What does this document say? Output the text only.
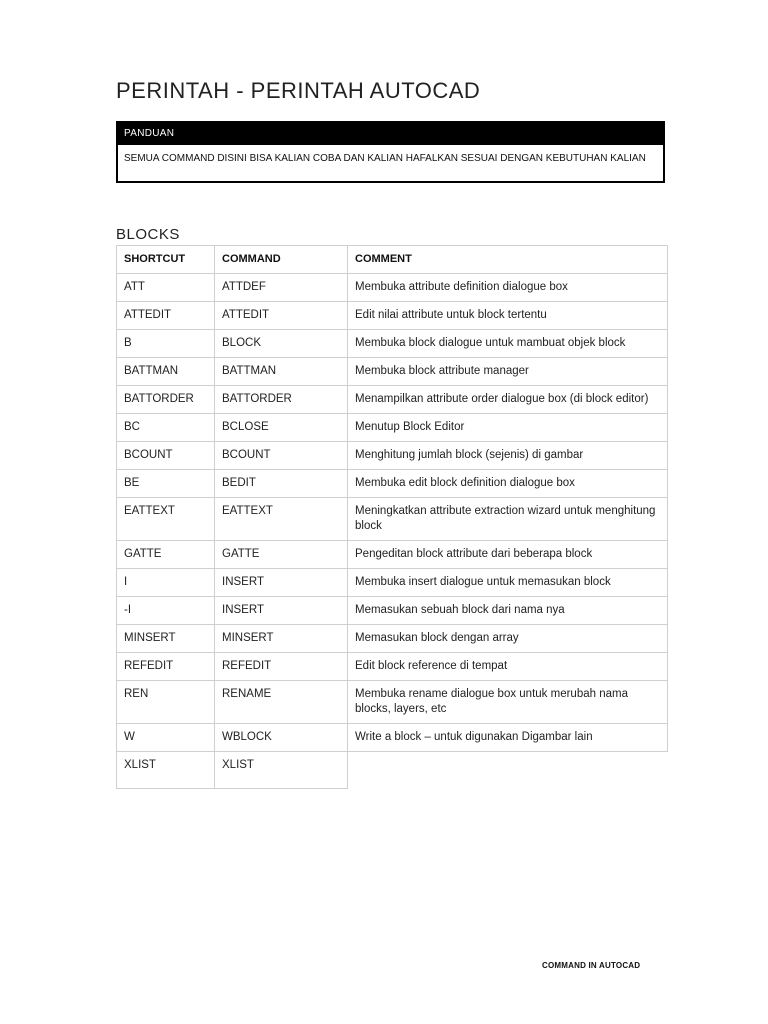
PERINTAH - PERINTAH AUTOCAD
PANDUAN
SEMUA COMMAND DISINI BISA KALIAN COBA DAN KALIAN HAFALKAN SESUAI DENGAN KEBUTUHAN KALIAN
BLOCKS
SHORTCUT	COMMAND	COMMENT
ATT	ATTDEF	Membuka attribute definition dialogue box
ATTEDIT	ATTEDIT	Edit nilai attribute untuk block tertentu
B	BLOCK	Membuka block dialogue untuk mambuat objek block
BATTMAN	BATTMAN	Membuka block attribute manager
BATTORDER	BATTORDER	Menampilkan attribute order dialogue box (di block editor)
BC	BCLOSE	Menutup Block Editor
BCOUNT	BCOUNT	Menghitung jumlah block (sejenis) di gambar
BE	BEDIT	Membuka edit block definition dialogue box
EATTEXT	EATTEXT	Meningkatkan attribute extraction wizard untuk menghitung block
GATTE	GATTE	Pengeditan block attribute dari beberapa block
I	INSERT	Membuka insert dialogue untuk memasukan block
-I	INSERT	Memasukan sebuah block dari nama nya
MINSERT	MINSERT	Memasukan block dengan array
REFEDIT	REFEDIT	Edit block reference di tempat
REN	RENAME	Membuka rename dialogue box untuk merubah nama blocks, layers, etc
W	WBLOCK	Write a block – untuk digunakan Digambar lain
XLIST	XLIST	
COMMAND IN AUTOCAD
